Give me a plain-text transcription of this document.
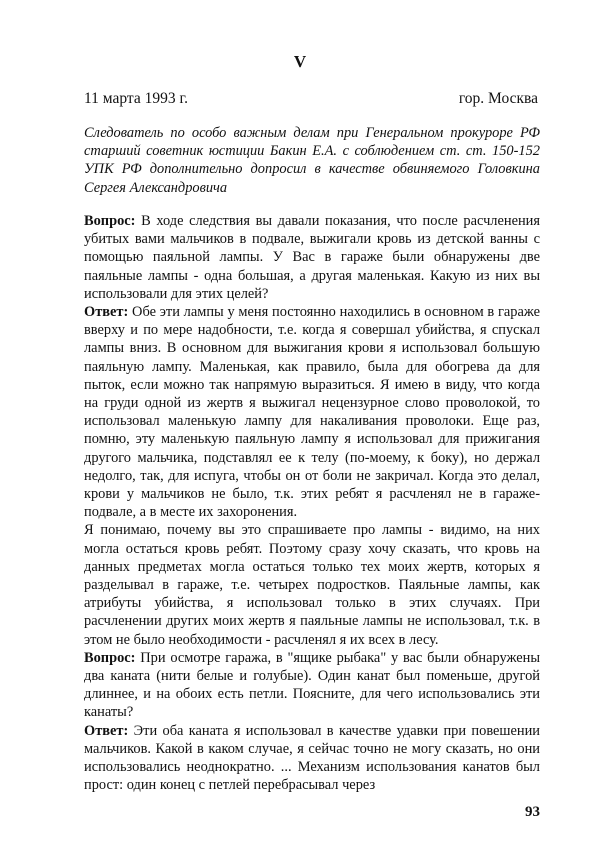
V
11 марта 1993 г.	гор. Москва
Следователь по особо важным делам при Генеральном прокуроре РФ старший советник юстиции Бакин Е.А. с соблюдением ст. ст. 150-152 УПК РФ дополнительно допросил в качестве обвиняемого Головкина Сергея Александровича

Вопрос: В ходе следствия вы давали показания, что после расчленения убитых вами мальчиков в подвале, выжигали кровь из детской ванны с помощью паяльной лампы. У Вас в гараже были обнаружены две паяльные лампы - одна большая, а другая маленькая. Какую из них вы использовали для этих целей?

Ответ: Обе эти лампы у меня постоянно находились в основном в гараже вверху и по мере надобности, т.е. когда я совершал убийства, я спускал лампы вниз. В основном для выжигания крови я использовал большую паяльную лампу. Маленькая, как правило, была для обогрева да для пыток, если можно так напрямую выразиться. Я имею в виду, что когда на груди одной из жертв я выжигал нецензурное слово проволокой, то использовал маленькую лампу для накаливания проволоки. Еще раз, помню, эту маленькую паяльную лампу я использовал для прижигания другого мальчика, подставлял ее к телу (по-моему, к боку), но держал недолго, так, для испуга, чтобы он от боли не закричал. Когда это делал, крови у мальчиков не было, т.к. этих ребят я расчленял не в гараже-подвале, а в месте их захоронения.

Я понимаю, почему вы это спрашиваете про лампы - видимо, на них могла остаться кровь ребят. Поэтому сразу хочу сказать, что кровь на данных предметах могла остаться только тех моих жертв, которых я разделывал в гараже, т.е. четырех подростков. Паяльные лампы, как атрибуты убийства, я использовал только в этих случаях. При расчленении других моих жертв я паяльные лампы не использовал, т.к. в этом не было необходимости - расчленял я их всех в лесу.

Вопрос: При осмотре гаража, в "ящике рыбака" у вас были обнаружены два каната (нити белые и голубые). Один канат был поменьше, другой длиннее, и на обоих есть петли. Поясните, для чего использовались эти канаты?

Ответ: Эти оба каната я использовал в качестве удавки при повешении мальчиков. Какой в каком случае, я сейчас точно не могу сказать, но они использовались неоднократно. ... Механизм использования канатов был прост: один конец с петлей перебрасывал через

93
